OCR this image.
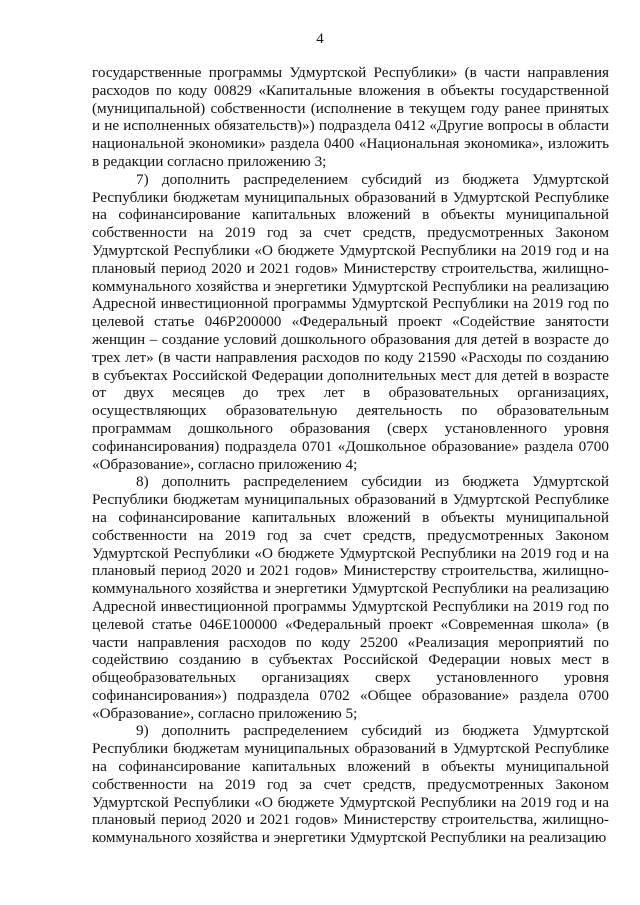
4

государственные программы Удмуртской Республики» (в части направления расходов по коду 00829 «Капитальные вложения в объекты государственной (муниципальной) собственности (исполнение в текущем году ранее принятых и не исполненных обязательств)») подраздела 0412 «Другие вопросы в области национальной экономики» раздела 0400 «Национальная экономика», изложить в редакции согласно приложению 3;

7) дополнить распределением субсидий из бюджета Удмуртской Республики бюджетам муниципальных образований в Удмуртской Республике на софинансирование капитальных вложений в объекты муниципальной собственности на 2019 год за счет средств, предусмотренных Законом Удмуртской Республики «О бюджете Удмуртской Республики на 2019 год и на плановый период 2020 и 2021 годов» Министерству строительства, жилищно-коммунального хозяйства и энергетики Удмуртской Республики на реализацию Адресной инвестиционной программы Удмуртской Республики на 2019 год по целевой статье 046P200000 «Федеральный проект «Содействие занятости женщин – создание условий дошкольного образования для детей в возрасте до трех лет» (в части направления расходов по коду 21590 «Расходы по созданию в субъектах Российской Федерации дополнительных мест для детей в возрасте от двух месяцев до трех лет в образовательных организациях, осуществляющих образовательную деятельность по образовательным программам дошкольного образования (сверх установленного уровня софинансирования) подраздела 0701 «Дошкольное образование» раздела 0700 «Образование», согласно приложению 4;

8) дополнить распределением субсидии из бюджета Удмуртской Республики бюджетам муниципальных образований в Удмуртской Республике на софинансирование капитальных вложений в объекты муниципальной собственности на 2019 год за счет средств, предусмотренных Законом Удмуртской Республики «О бюджете Удмуртской Республики на 2019 год и на плановый период 2020 и 2021 годов» Министерству строительства, жилищно-коммунального хозяйства и энергетики Удмуртской Республики на реализацию Адресной инвестиционной программы Удмуртской Республики на 2019 год по целевой статье 046E100000 «Федеральный проект «Современная школа» (в части направления расходов по коду 25200 «Реализация мероприятий по содействию созданию в субъектах Российской Федерации новых мест в общеобразовательных организациях сверх установленного уровня софинансирования») подраздела 0702 «Общее образование» раздела 0700 «Образование», согласно приложению 5;

9) дополнить распределением субсидий из бюджета Удмуртской Республики бюджетам муниципальных образований в Удмуртской Республике на софинансирование капитальных вложений в объекты муниципальной собственности на 2019 год за счет средств, предусмотренных Законом Удмуртской Республики «О бюджете Удмуртской Республики на 2019 год и на плановый период 2020 и 2021 годов» Министерству строительства, жилищно-коммунального хозяйства и энергетики Удмуртской Республики на реализацию
